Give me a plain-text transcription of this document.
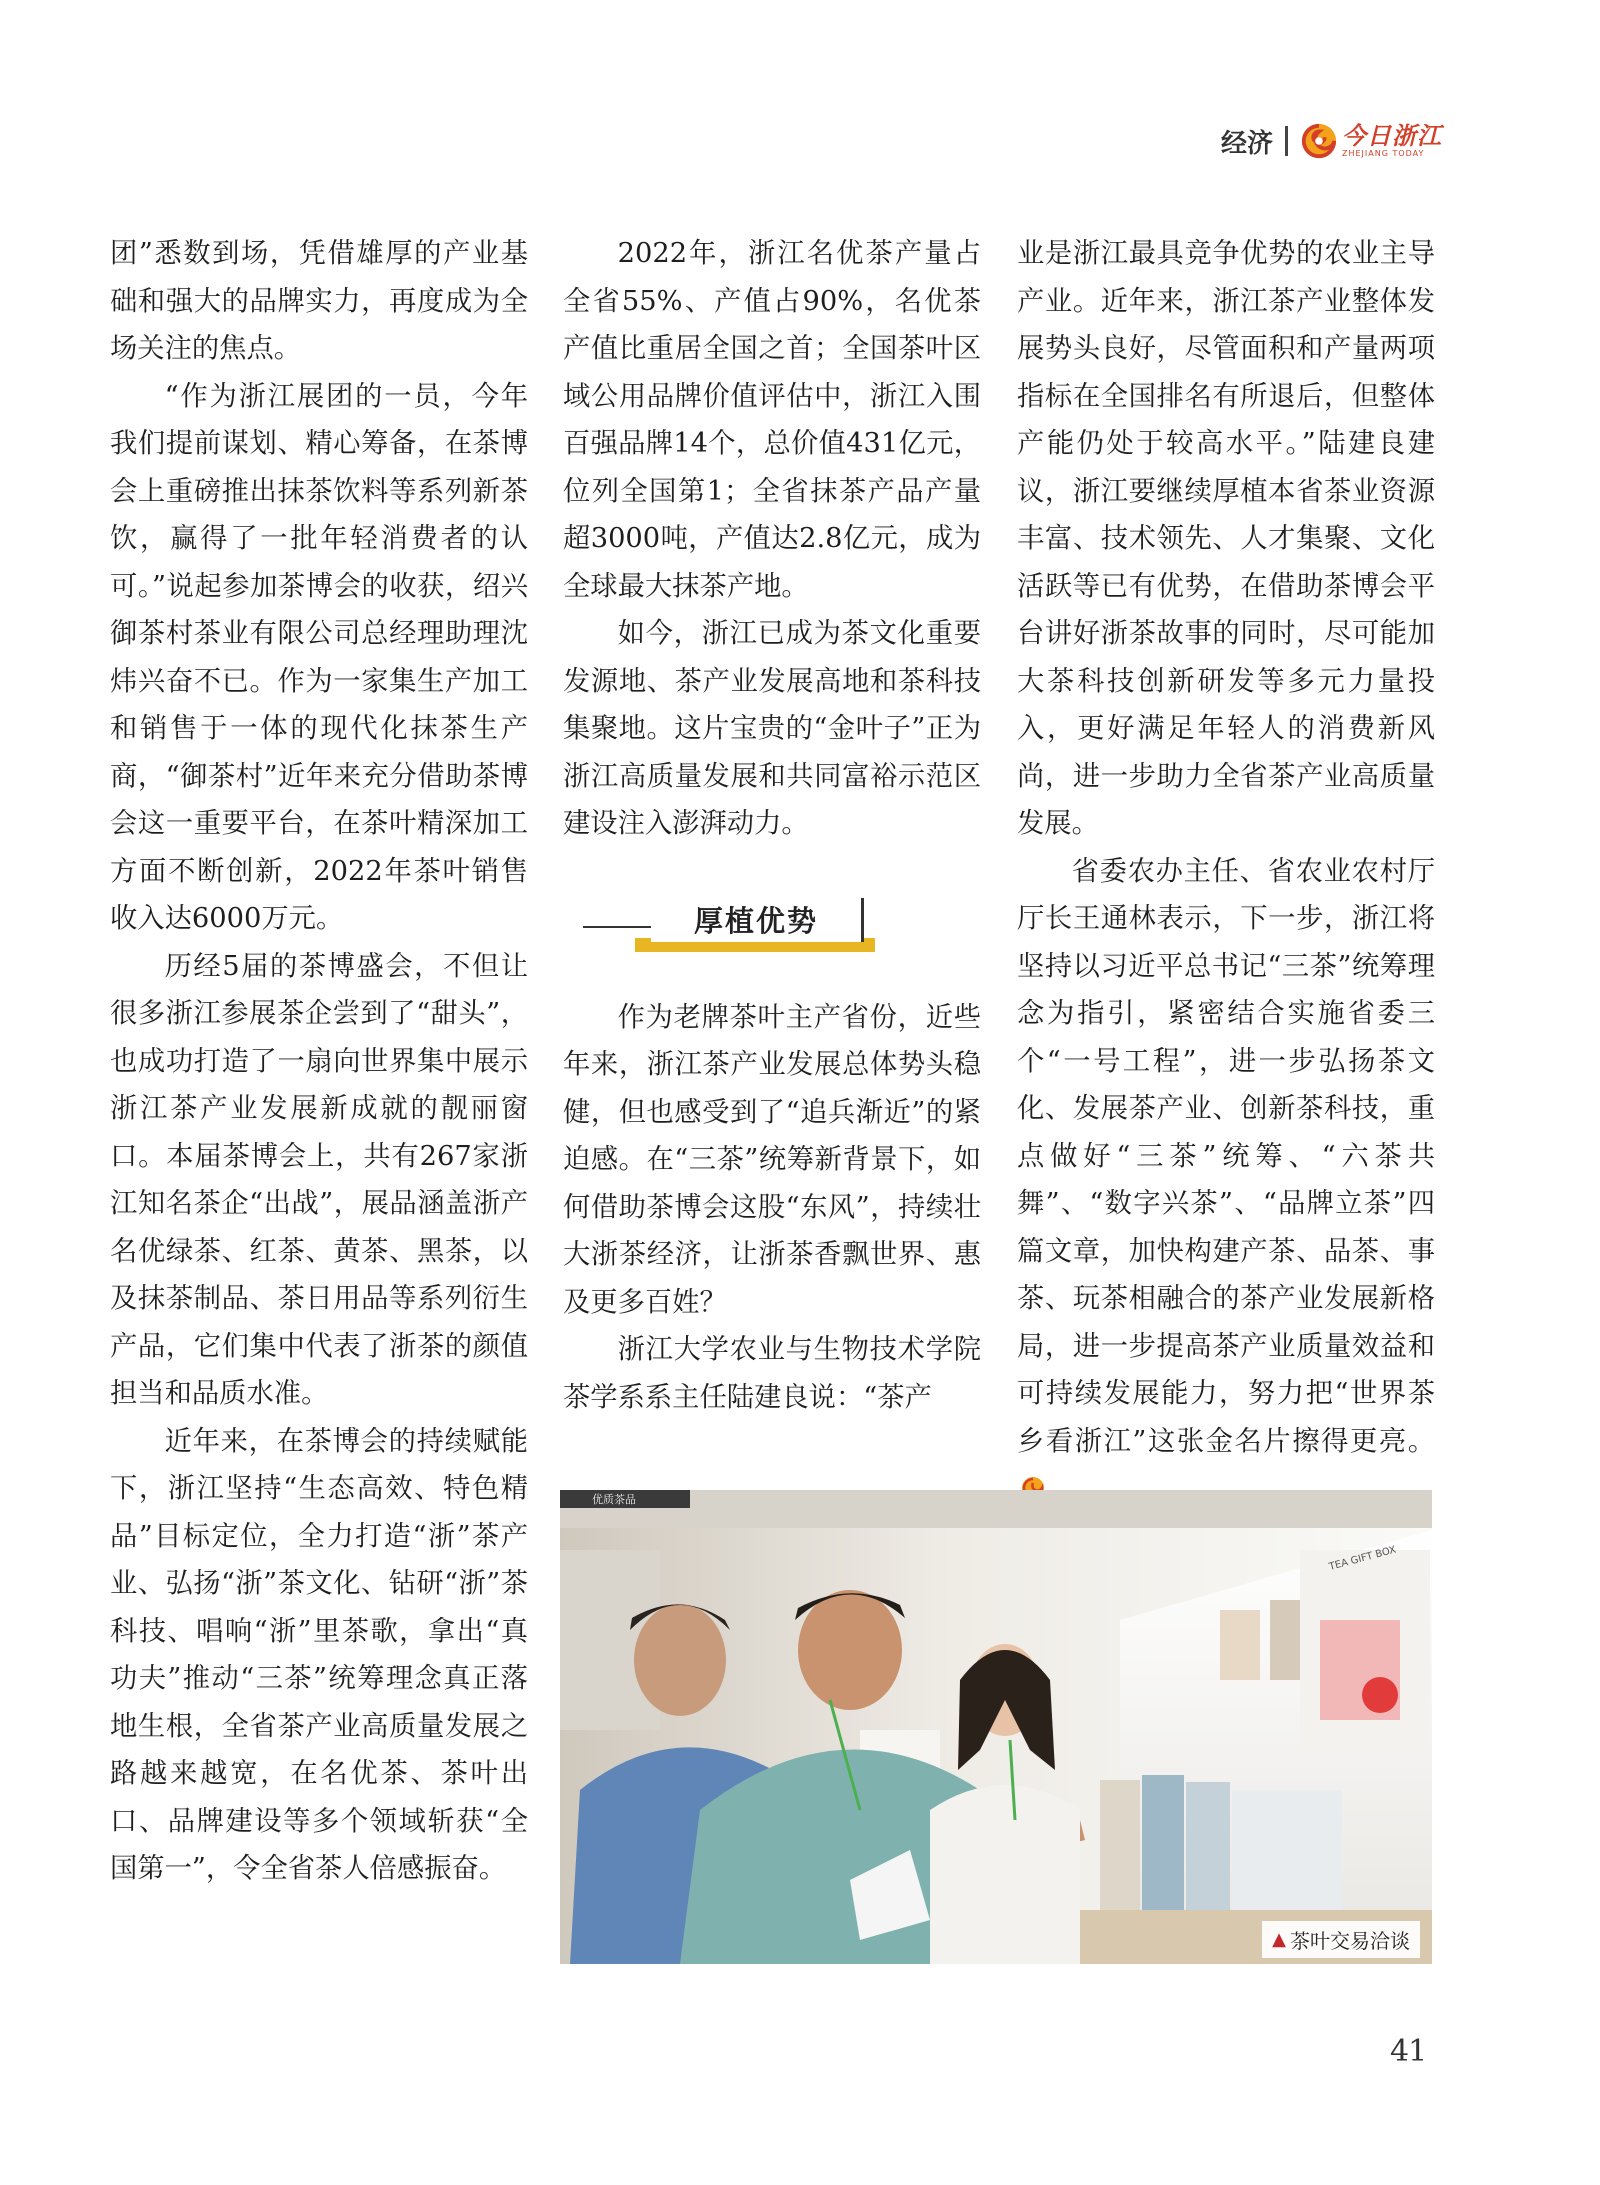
经济	今日浙江
ZHEJIANG TODAY

团”悉数到场，凭借雄厚的产业基础和强大的品牌实力，再度成为全场关注的焦点。

“作为浙江展团的一员，今年我们提前谋划、精心筹备，在茶博会上重磅推出抹茶饮料等系列新茶饮，赢得了一批年轻消费者的认可。”说起参加茶博会的收获，绍兴御茶村茶业有限公司总经理助理沈炜兴奋不已。作为一家集生产加工和销售于一体的现代化抹茶生产商，“御茶村”近年来充分借助茶博会这一重要平台，在茶叶精深加工方面不断创新，2022年茶叶销售收入达6000万元。

历经5届的茶博盛会，不但让很多浙江参展茶企尝到了“甜头”，也成功打造了一扇向世界集中展示浙江茶产业发展新成就的靓丽窗口。本届茶博会上，共有267家浙江知名茶企“出战”，展品涵盖浙产名优绿茶、红茶、黄茶、黑茶，以及抹茶制品、茶日用品等系列衍生产品，它们集中代表了浙茶的颜值担当和品质水准。

近年来，在茶博会的持续赋能下，浙江坚持“生态高效、特色精品”目标定位，全力打造“浙”茶产业、弘扬“浙”茶文化、钻研“浙”茶科技、唱响“浙”里茶歌，拿出“真功夫”推动“三茶”统筹理念真正落地生根，全省茶产业高质量发展之路越来越宽，在名优茶、茶叶出口、品牌建设等多个领域斩获“全国第一”，令全省茶人倍感振奋。

2022年，浙江名优茶产量占全省55%、产值占90%，名优茶产值比重居全国之首；全国茶叶区域公用品牌价值评估中，浙江入围百强品牌14个，总价值431亿元，位列全国第1；全省抹茶产品产量超3000吨，产值达2.8亿元，成为全球最大抹茶产地。

如今，浙江已成为茶文化重要发源地、茶产业发展高地和茶科技集聚地。这片宝贵的“金叶子”正为浙江高质量发展和共同富裕示范区建设注入澎湃动力。

厚植优势

作为老牌茶叶主产省份，近些年来，浙江茶产业发展总体势头稳健，但也感受到了“追兵渐近”的紧迫感。在“三茶”统筹新背景下，如何借助茶博会这股“东风”，持续壮大浙茶经济，让浙茶香飘世界、惠及更多百姓？

浙江大学农业与生物技术学院茶学系系主任陆建良说：“茶产

业是浙江最具竞争优势的农业主导产业。近年来，浙江茶产业整体发展势头良好，尽管面积和产量两项指标在全国排名有所退后，但整体产能仍处于较高水平。”陆建良建议，浙江要继续厚植本省茶业资源丰富、技术领先、人才集聚、文化活跃等已有优势，在借助茶博会平台讲好浙茶故事的同时，尽可能加大茶科技创新研发等多元力量投入，更好满足年轻人的消费新风尚，进一步助力全省茶产业高质量发展。

省委农办主任、省农业农村厅厅长王通林表示，下一步，浙江将坚持以习近平总书记“三茶”统筹理念为指引，紧密结合实施省委三个“一号工程”，进一步弘扬茶文化、发展茶产业、创新茶科技，重点做好“三茶”统筹、“六茶共舞”、“数字兴茶”、“品牌立茶”四篇文章，加快构建产茶、品茶、事茶、玩茶相融合的茶产业发展新格局，进一步提高茶产业质量效益和可持续发展能力，努力把“世界茶乡看浙江”这张金名片擦得更亮。

优质茶品
TEA GIFT BOX
▲ 茶叶交易洽谈
41
